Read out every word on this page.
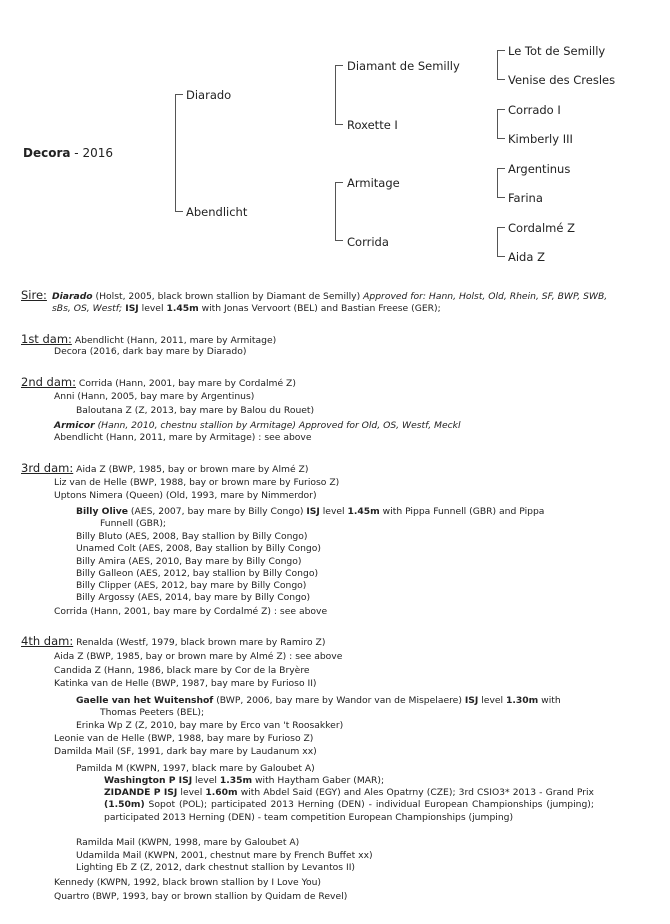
Decora - 2016
Diarado
Abendlicht
Diamant de Semilly
Roxette I
Armitage
Corrida
Le Tot de Semilly
Venise des Cresles
Corrado I
Kimberly III
Argentinus
Farina
Cordalmé Z
Aida Z
Sire: Diarado (Holst, 2005, black brown stallion by Diamant de Semilly) Approved for: Hann, Holst, Old, Rhein, SF, BWP, SWB,
sBs, OS, Westf; ISJ level 1.45m with Jonas Vervoort (BEL) and Bastian Freese (GER);
1st dam: Abendlicht (Hann, 2011, mare by Armitage)
Decora (2016, dark bay mare by Diarado)
2nd dam: Corrida (Hann, 2001, bay mare by Cordalmé Z)
Anni (Hann, 2005, bay mare by Argentinus)
Baloutana Z (Z, 2013, bay mare by Balou du Rouet)
Armicor (Hann, 2010, chestnu stallion by Armitage) Approved for Old, OS, Westf, Meckl
Abendlicht (Hann, 2011, mare by Armitage) : see above
3rd dam: Aida Z (BWP, 1985, bay or brown mare by Almé Z)
Liz van de Helle (BWP, 1988, bay or brown mare by Furioso Z)
Uptons Nimera (Queen) (Old, 1993, mare by Nimmerdor)
Billy Olive (AES, 2007, bay mare by Billy Congo) ISJ level 1.45m with Pippa Funnell (GBR) and Pippa
Funnell (GBR);
Billy Bluto (AES, 2008, Bay stallion by Billy Congo)
Unamed Colt (AES, 2008, Bay stallion by Billy Congo)
Billy Amira (AES, 2010, Bay mare by Billy Congo)
Billy Galleon (AES, 2012, bay stallion by Billy Congo)
Billy Clipper (AES, 2012, bay mare by Billy Congo)
Billy Argossy (AES, 2014, bay mare by Billy Congo)
Corrida (Hann, 2001, bay mare by Cordalmé Z) : see above
4th dam: Renalda (Westf, 1979, black brown mare by Ramiro Z)
Aida Z (BWP, 1985, bay or brown mare by Almé Z) : see above
Candida Z (Hann, 1986, black mare by Cor de la Bryère
Katinka van de Helle (BWP, 1987, bay mare by Furioso II)
Gaelle van het Wuitenshof (BWP, 2006, bay mare by Wandor van de Mispelaere) ISJ level 1.30m with
Thomas Peeters (BEL);
Erinka Wp Z (Z, 2010, bay mare by Erco van 't Roosakker)
Leonie van de Helle (BWP, 1988, bay mare by Furioso Z)
Damilda Mail (SF, 1991, dark bay mare by Laudanum xx)
Pamilda M (KWPN, 1997, black mare by Galoubet A)
Washington P ISJ level 1.35m with Haytham Gaber (MAR);
ZIDANDE P ISJ level 1.60m with Abdel Said (EGY) and Ales Opatrny (CZE); 3rd CSIO3* 2013 - Grand Prix (1.50m) Sopot (POL); participated 2013 Herning (DEN) - individual European Championships (jumping); participated 2013 Herning (DEN) - team competition European Championships (jumping)
Ramilda Mail (KWPN, 1998, mare by Galoubet A)
Udamilda Mail (KWPN, 2001, chestnut mare by French Buffet xx)
Lighting Eb Z (Z, 2012, dark chestnut stallion by Levantos II)
Kennedy (KWPN, 1992, black brown stallion by I Love You)
Quartro (BWP, 1993, bay or brown stallion by Quidam de Revel)
